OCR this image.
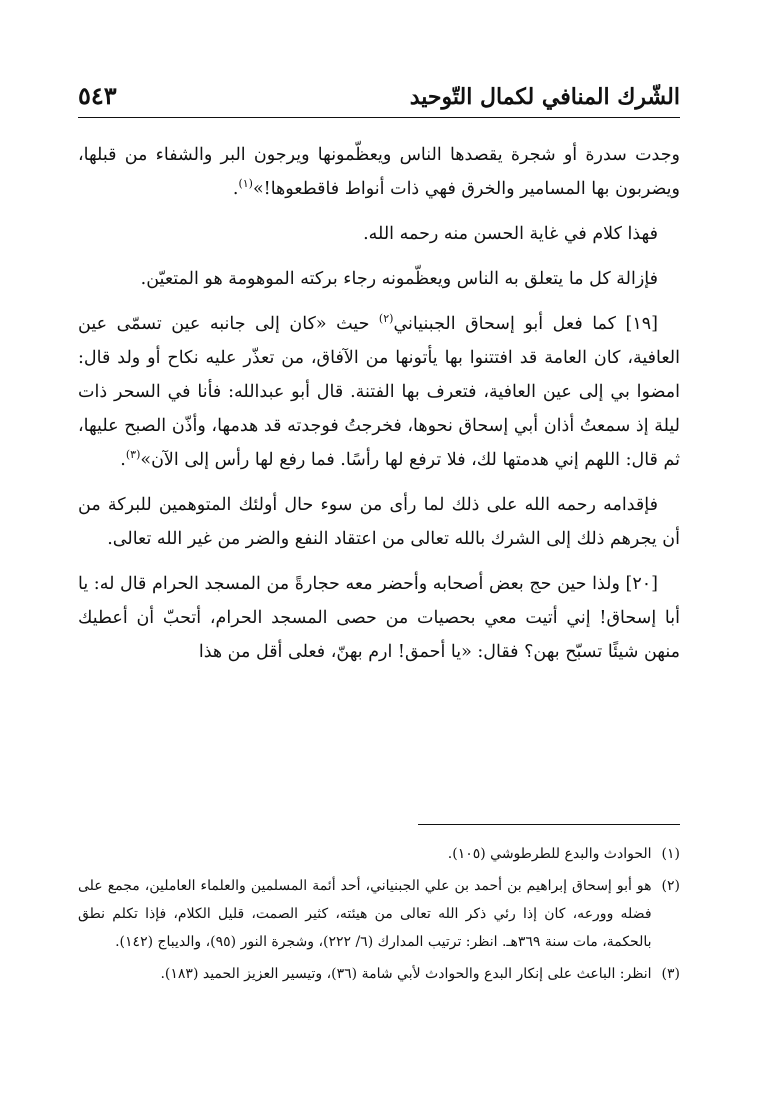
الشّرك المنافي لكمال التّوحيد
٥٤٣

وجدت سدرة أو شجرة يقصدها الناس ويعظّمونها ويرجون البر والشفاء من قبلها، ويضربون بها المسامير والخرق فهي ذات أنواط فاقطعوها!»$^{(١)}$.

فهذا كلام في غاية الحسن منه رحمه الله.

فإزالة كل ما يتعلق به الناس ويعظّمونه رجاء بركته الموهومة هو المتعيّن.

[١٩] كما فعل أبو إسحاق الجبنياني$^{(٢)}$ حيث «كان إلى جانبه عين تسمّى عين العافية، كان العامة قد افتتنوا بها يأتونها من الآفاق، من تعذّر عليه نكاح أو ولد قال: امضوا بي إلى عين العافية، فتعرف بها الفتنة. قال أبو عبدالله: فأنا في السحر ذات ليلة إذ سمعتُ أذان أبي إسحاق نحوها، فخرجتُ فوجدته قد هدمها، وأذّن الصبح عليها، ثم قال: اللهم إني هدمتها لك، فلا ترفع لها رأسًا. فما رفع لها رأس إلى الآن»$^{(٣)}$.

فإقدامه رحمه الله على ذلك لما رأى من سوء حال أولئك المتوهمين للبركة من أن يجرهم ذلك إلى الشرك بالله تعالى من اعتقاد النفع والضر من غير الله تعالى.

[٢٠] ولذا حين حج بعض أصحابه وأحضر معه حجارةً من المسجد الحرام قال له: يا أبا إسحاق! إني أتيت معي بحصيات من حصى المسجد الحرام، أتحبّ أن أعطيك منهن شيئًا تسبّح بهن؟ فقال: «يا أحمق! ارم بهنّ، فعلى أقل من هذا

(١)
الحوادث والبدع للطرطوشي (١٠٥).
(٢)
هو أبو إسحاق إبراهيم بن أحمد بن علي الجبنياني، أحد أئمة المسلمين والعلماء العاملين، مجمع على فضله وورعه، كان إذا رئي ذكر الله تعالى من هيئته، كثير الصمت، قليل الكلام، فإذا تكلم نطق بالحكمة، مات سنة ٣٦٩هـ. انظر: ترتيب المدارك (٦/ ٢٢٢)، وشجرة النور (٩٥)، والديباج (١٤٢).
(٣)
انظر: الباعث على إنكار البدع والحوادث لأبي شامة (٣٦)، وتيسير العزيز الحميد (١٨٣).
